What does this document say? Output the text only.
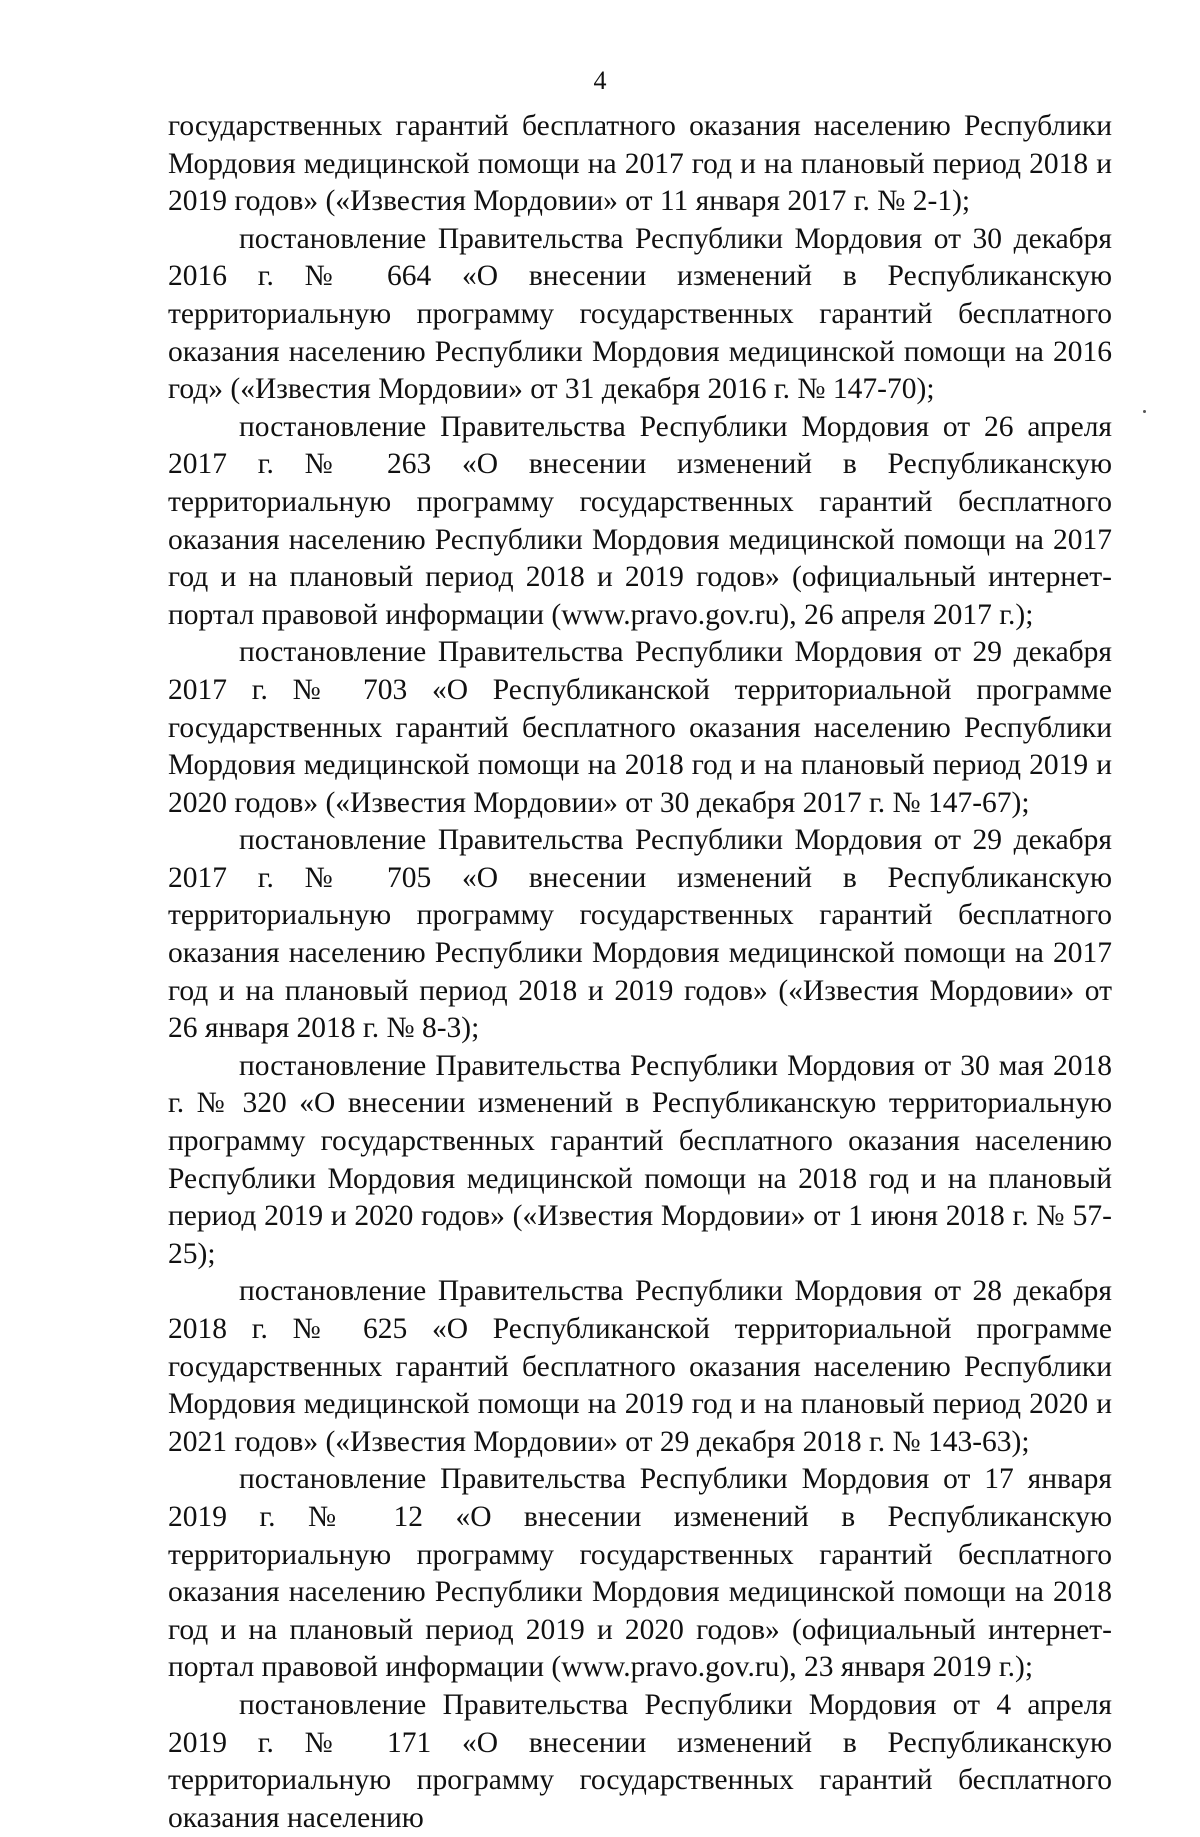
4

государственных гарантий бесплатного оказания населению Республики Мордовия медицинской помощи на 2017 год и на плановый период 2018 и 2019 годов» («Известия Мордовии» от 11 января 2017 г. № 2-1);

постановление Правительства Республики Мордовия от 30 декабря 2016 г. № 664 «О внесении изменений в Республиканскую территориальную программу государственных гарантий бесплатного оказания населению Республики Мордовия медицинской помощи на 2016 год» («Известия Мордовии» от 31 декабря 2016 г. № 147-70);

постановление Правительства Республики Мордовия от 26 апреля 2017 г. № 263 «О внесении изменений в Республиканскую территориальную программу государственных гарантий бесплатного оказания населению Республики Мордовия медицинской помощи на 2017 год и на плановый период 2018 и 2019 годов» (официальный интернет-портал правовой информации (www.pravo.gov.ru), 26 апреля 2017 г.);

постановление Правительства Республики Мордовия от 29 декабря 2017 г. № 703 «О Республиканской территориальной программе государственных гарантий бесплатного оказания населению Республики Мордовия медицинской помощи на 2018 год и на плановый период 2019 и 2020 годов» («Известия Мордовии» от 30 декабря 2017 г. № 147-67);

постановление Правительства Республики Мордовия от 29 декабря 2017 г. № 705 «О внесении изменений в Республиканскую территориальную программу государственных гарантий бесплатного оказания населению Республики Мордовия медицинской помощи на 2017 год и на плановый период 2018 и 2019 годов» («Известия Мордовии» от 26 января 2018 г. № 8-3);

постановление Правительства Республики Мордовия от 30 мая 2018 г. № 320 «О внесении изменений в Республиканскую территориальную программу государственных гарантий бесплатного оказания населению Республики Мордовия медицинской помощи на 2018 год и на плановый период 2019 и 2020 годов» («Известия Мордовии» от 1 июня 2018 г. № 57-25);

постановление Правительства Республики Мордовия от 28 декабря 2018 г. № 625 «О Республиканской территориальной программе государственных гарантий бесплатного оказания населению Республики Мордовия медицинской помощи на 2019 год и на плановый период 2020 и 2021 годов» («Известия Мордовии» от 29 декабря 2018 г. № 143-63);

постановление Правительства Республики Мордовия от 17 января 2019 г. № 12 «О внесении изменений в Республиканскую территориальную программу государственных гарантий бесплатного оказания населению Республики Мордовия медицинской помощи на 2018 год и на плановый период 2019 и 2020 годов» (официальный интернет-портал правовой информации (www.pravo.gov.ru), 23 января 2019 г.);

постановление Правительства Республики Мордовия от 4 апреля 2019 г. № 171 «О внесении изменений в Республиканскую территориальную программу государственных гарантий бесплатного оказания населению
